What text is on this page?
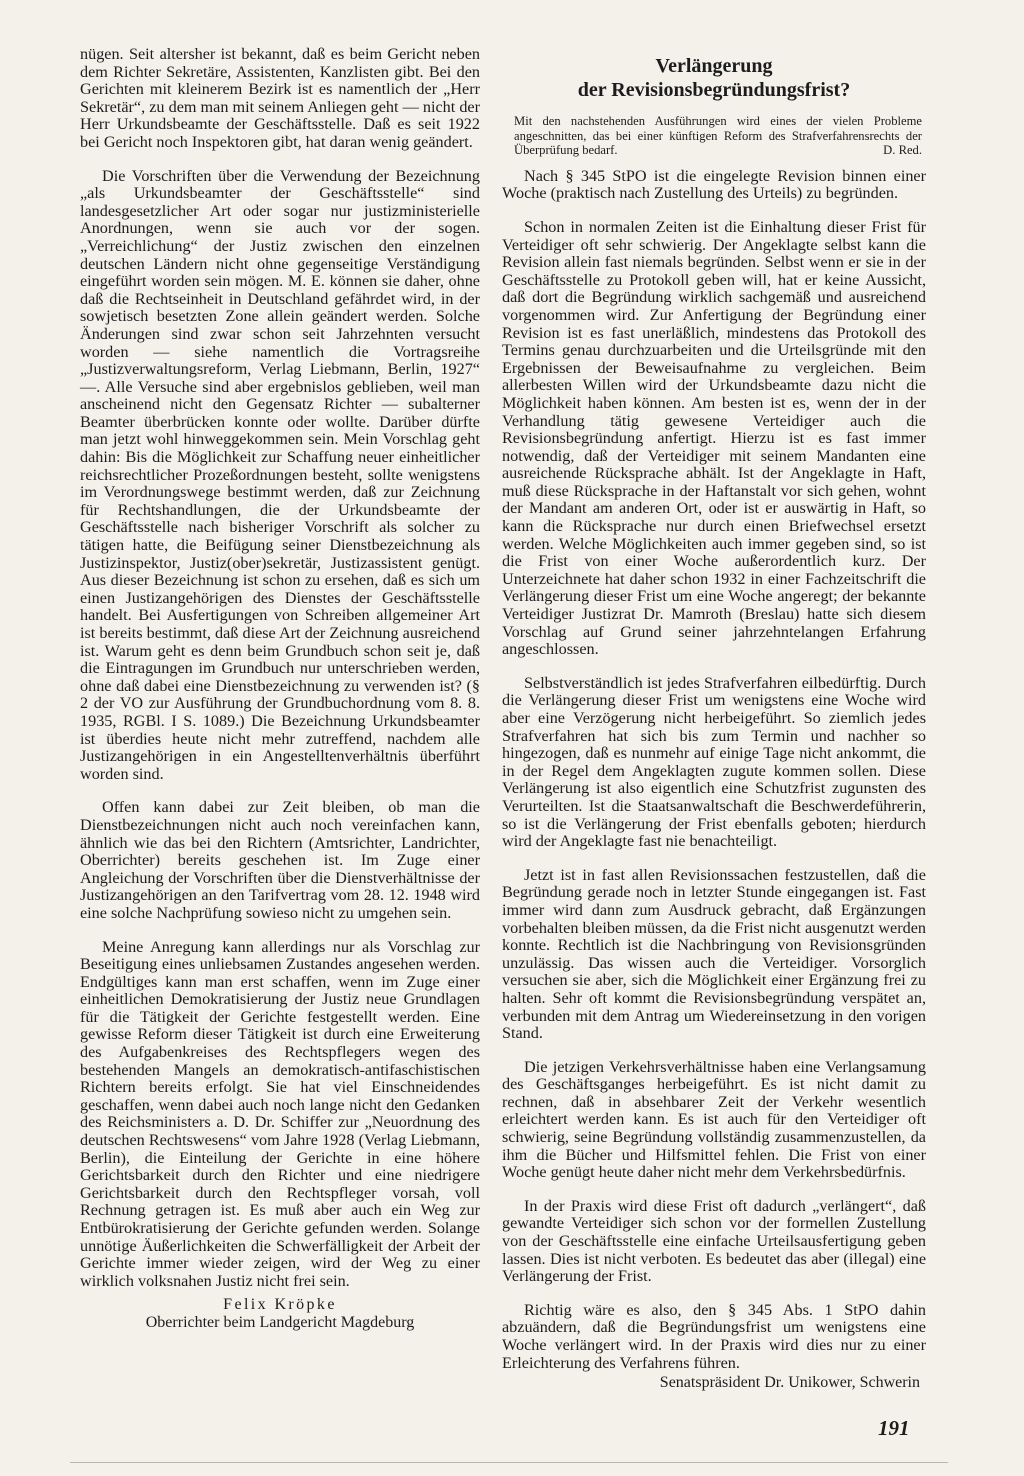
nügen. Seit altersher ist bekannt, daß es beim Gericht neben dem Richter Sekretäre, Assistenten, Kanzlisten gibt. Bei den Gerichten mit kleinerem Bezirk ist es namentlich der „Herr Sekretär“, zu dem man mit seinem Anliegen geht — nicht der Herr Urkundsbeamte der Geschäftsstelle. Daß es seit 1922 bei Gericht noch Inspektoren gibt, hat daran wenig geändert.

Die Vorschriften über die Verwendung der Bezeichnung „als Urkundsbeamter der Geschäftsstelle“ sind landesgesetzlicher Art oder sogar nur justizministerielle Anordnungen, wenn sie auch vor der sogen. „Verreichlichung“ der Justiz zwischen den einzelnen deutschen Ländern nicht ohne gegenseitige Verständigung eingeführt worden sein mögen. M. E. können sie daher, ohne daß die Rechtseinheit in Deutschland gefährdet wird, in der sowjetisch besetzten Zone allein geändert werden. Solche Änderungen sind zwar schon seit Jahrzehnten versucht worden — siehe namentlich die Vortragsreihe „Justizverwaltungsreform, Verlag Liebmann, Berlin, 1927“ —. Alle Versuche sind aber ergebnislos geblieben, weil man anscheinend nicht den Gegensatz Richter — subalterner Beamter überbrücken konnte oder wollte. Darüber dürfte man jetzt wohl hinweggekommen sein. Mein Vorschlag geht dahin: Bis die Möglichkeit zur Schaffung neuer einheitlicher reichsrechtlicher Prozeßordnungen besteht, sollte wenigstens im Verordnungswege bestimmt werden, daß zur Zeichnung für Rechtshandlungen, die der Urkundsbeamte der Geschäftsstelle nach bisheriger Vorschrift als solcher zu tätigen hatte, die Beifügung seiner Dienstbezeichnung als Justizinspektor, Justiz(ober)sekretär, Justizassistent genügt. Aus dieser Bezeichnung ist schon zu ersehen, daß es sich um einen Justizangehörigen des Dienstes der Geschäftsstelle handelt. Bei Ausfertigungen von Schreiben allgemeiner Art ist bereits bestimmt, daß diese Art der Zeichnung ausreichend ist. Warum geht es denn beim Grundbuch schon seit je, daß die Eintragungen im Grundbuch nur unterschrieben werden, ohne daß dabei eine Dienstbezeichnung zu verwenden ist? (§ 2 der VO zur Ausführung der Grundbuchordnung vom 8. 8. 1935, RGBl. I S. 1089.) Die Bezeichnung Urkundsbeamter ist überdies heute nicht mehr zutreffend, nachdem alle Justizangehörigen in ein Angestelltenverhältnis überführt worden sind.

Offen kann dabei zur Zeit bleiben, ob man die Dienstbezeichnungen nicht auch noch vereinfachen kann, ähnlich wie das bei den Richtern (Amtsrichter, Landrichter, Oberrichter) bereits geschehen ist. Im Zuge einer Angleichung der Vorschriften über die Dienstverhältnisse der Justizangehörigen an den Tarifvertrag vom 28. 12. 1948 wird eine solche Nachprüfung sowieso nicht zu umgehen sein.

Meine Anregung kann allerdings nur als Vorschlag zur Beseitigung eines unliebsamen Zustandes angesehen werden. Endgültiges kann man erst schaffen, wenn im Zuge einer einheitlichen Demokratisierung der Justiz neue Grundlagen für die Tätigkeit der Gerichte festgestellt werden. Eine gewisse Reform dieser Tätigkeit ist durch eine Erweiterung des Aufgabenkreises des Rechtspflegers wegen des bestehenden Mangels an demokratisch-antifaschistischen Richtern bereits erfolgt. Sie hat viel Einschneidendes geschaffen, wenn dabei auch noch lange nicht den Gedanken des Reichsministers a. D. Dr. Schiffer zur „Neuordnung des deutschen Rechtswesens“ vom Jahre 1928 (Verlag Liebmann, Berlin), die Einteilung der Gerichte in eine höhere Gerichtsbarkeit durch den Richter und eine niedrigere Gerichtsbarkeit durch den Rechtspfleger vorsah, voll Rechnung getragen ist. Es muß aber auch ein Weg zur Entbürokratisierung der Gerichte gefunden werden. Solange unnötige Äußerlichkeiten die Schwerfälligkeit der Arbeit der Gerichte immer wieder zeigen, wird der Weg zu einer wirklich volksnahen Justiz nicht frei sein.

Felix Kröpke

Oberrichter beim Landgericht Magdeburg

Verlängerung
der Revisionsbegründungsfrist?
Mit den nachstehenden Ausführungen wird eines der vielen Probleme angeschnitten, das bei einer künftigen Reform des Strafverfahrensrechts der Überprüfung bedarf.	D. Red.

Nach § 345 StPO ist die eingelegte Revision binnen einer Woche (praktisch nach Zustellung des Urteils) zu begründen.

Schon in normalen Zeiten ist die Einhaltung dieser Frist für Verteidiger oft sehr schwierig. Der Angeklagte selbst kann die Revision allein fast niemals begründen. Selbst wenn er sie in der Geschäftsstelle zu Protokoll geben will, hat er keine Aussicht, daß dort die Begründung wirklich sachgemäß und ausreichend vorgenommen wird. Zur Anfertigung der Begründung einer Revision ist es fast unerläßlich, mindestens das Protokoll des Termins genau durchzuarbeiten und die Urteilsgründe mit den Ergebnissen der Beweisaufnahme zu vergleichen. Beim allerbesten Willen wird der Urkundsbeamte dazu nicht die Möglichkeit haben können. Am besten ist es, wenn der in der Verhandlung tätig gewesene Verteidiger auch die Revisionsbegründung anfertigt. Hierzu ist es fast immer notwendig, daß der Verteidiger mit seinem Mandanten eine ausreichende Rücksprache abhält. Ist der Angeklagte in Haft, muß diese Rücksprache in der Haftanstalt vor sich gehen, wohnt der Mandant am anderen Ort, oder ist er auswärtig in Haft, so kann die Rücksprache nur durch einen Briefwechsel ersetzt werden. Welche Möglichkeiten auch immer gegeben sind, so ist die Frist von einer Woche außerordentlich kurz. Der Unterzeichnete hat daher schon 1932 in einer Fachzeitschrift die Verlängerung dieser Frist um eine Woche angeregt; der bekannte Verteidiger Justizrat Dr. Mamroth (Breslau) hatte sich diesem Vorschlag auf Grund seiner jahrzehntelangen Erfahrung angeschlossen.

Selbstverständlich ist jedes Strafverfahren eilbedürftig. Durch die Verlängerung dieser Frist um wenigstens eine Woche wird aber eine Verzögerung nicht herbeigeführt. So ziemlich jedes Strafverfahren hat sich bis zum Termin und nachher so hingezogen, daß es nunmehr auf einige Tage nicht ankommt, die in der Regel dem Angeklagten zugute kommen sollen. Diese Verlängerung ist also eigentlich eine Schutzfrist zugunsten des Verurteilten. Ist die Staatsanwaltschaft die Beschwerdeführerin, so ist die Verlängerung der Frist ebenfalls geboten; hierdurch wird der Angeklagte fast nie benachteiligt.

Jetzt ist in fast allen Revisionssachen festzustellen, daß die Begründung gerade noch in letzter Stunde eingegangen ist. Fast immer wird dann zum Ausdruck gebracht, daß Ergänzungen vorbehalten bleiben müssen, da die Frist nicht ausgenutzt werden konnte. Rechtlich ist die Nachbringung von Revisionsgründen unzulässig. Das wissen auch die Verteidiger. Vorsorglich versuchen sie aber, sich die Möglichkeit einer Ergänzung frei zu halten. Sehr oft kommt die Revisionsbegründung verspätet an, verbunden mit dem Antrag um Wiedereinsetzung in den vorigen Stand.

Die jetzigen Verkehrsverhältnisse haben eine Verlangsamung des Geschäftsganges herbeigeführt. Es ist nicht damit zu rechnen, daß in absehbarer Zeit der Verkehr wesentlich erleichtert werden kann. Es ist auch für den Verteidiger oft schwierig, seine Begründung vollständig zusammenzustellen, da ihm die Bücher und Hilfsmittel fehlen. Die Frist von einer Woche genügt heute daher nicht mehr dem Verkehrsbedürfnis.

In der Praxis wird diese Frist oft dadurch „verlängert“, daß gewandte Verteidiger sich schon vor der formellen Zustellung von der Geschäftsstelle eine einfache Urteilsausfertigung geben lassen. Dies ist nicht verboten. Es bedeutet das aber (illegal) eine Verlängerung der Frist.

Richtig wäre es also, den § 345 Abs. 1 StPO dahin abzuändern, daß die Begründungsfrist um wenigstens eine Woche verlängert wird. In der Praxis wird dies nur zu einer Erleichterung des Verfahrens führen.

Senatspräsident Dr. Unikower, Schwerin

191
